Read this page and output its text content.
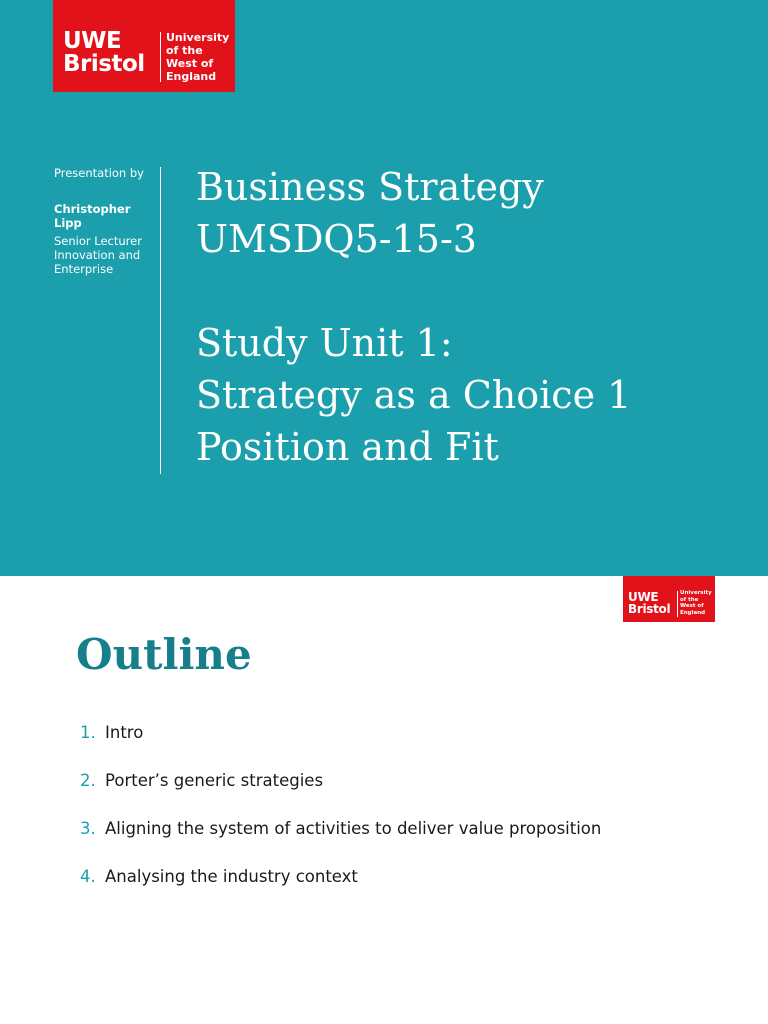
UWE
Bristol
University
of the
West of
England
Presentation by
Christopher
Lipp
Senior Lecturer
Innovation and
Enterprise
Business Strategy
UMSDQ5-15-3
Study Unit 1:
Strategy as a Choice 1
Position and Fit
UWE
Bristol
University
of the
West of
England
Outline
1. Intro
2. Porter’s generic strategies
3. Aligning the system of activities to deliver value proposition
4. Analysing the industry context
